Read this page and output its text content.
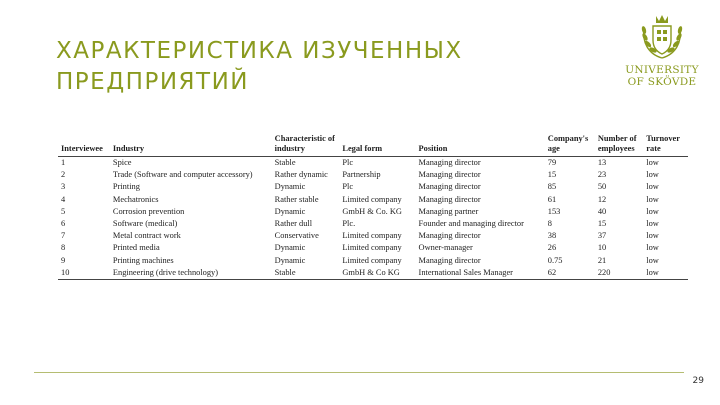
ХАРАКТЕРИСТИКА ИЗУЧЕННЫХ
ПРЕДПРИЯТИЙ	UNIVERSITY
OF SKÖVDE
Interviewee	Industry	Characteristic of industry	Legal form	Position	Company's age	Number of employees	Turnover rate
1	Spice	Stable	Plc	Managing director	79	13	low
2	Trade (Software and computer accessory)	Rather dynamic	Partnership	Managing director	15	23	low
3	Printing	Dynamic	Plc	Managing director	85	50	low
4	Mechatronics	Rather stable	Limited company	Managing director	61	12	low
5	Corrosion prevention	Dynamic	GmbH & Co. KG	Managing partner	153	40	low
6	Software (medical)	Rather dull	Plc.	Founder and managing director	8	15	low
7	Metal contract work	Conservative	Limited company	Managing director	38	37	low
8	Printed media	Dynamic	Limited company	Owner-manager	26	10	low
9	Printing machines	Dynamic	Limited company	Managing director	0.75	21	low
10	Engineering (drive technology)	Stable	GmbH & Co KG	International Sales Manager	62	220	low
29
